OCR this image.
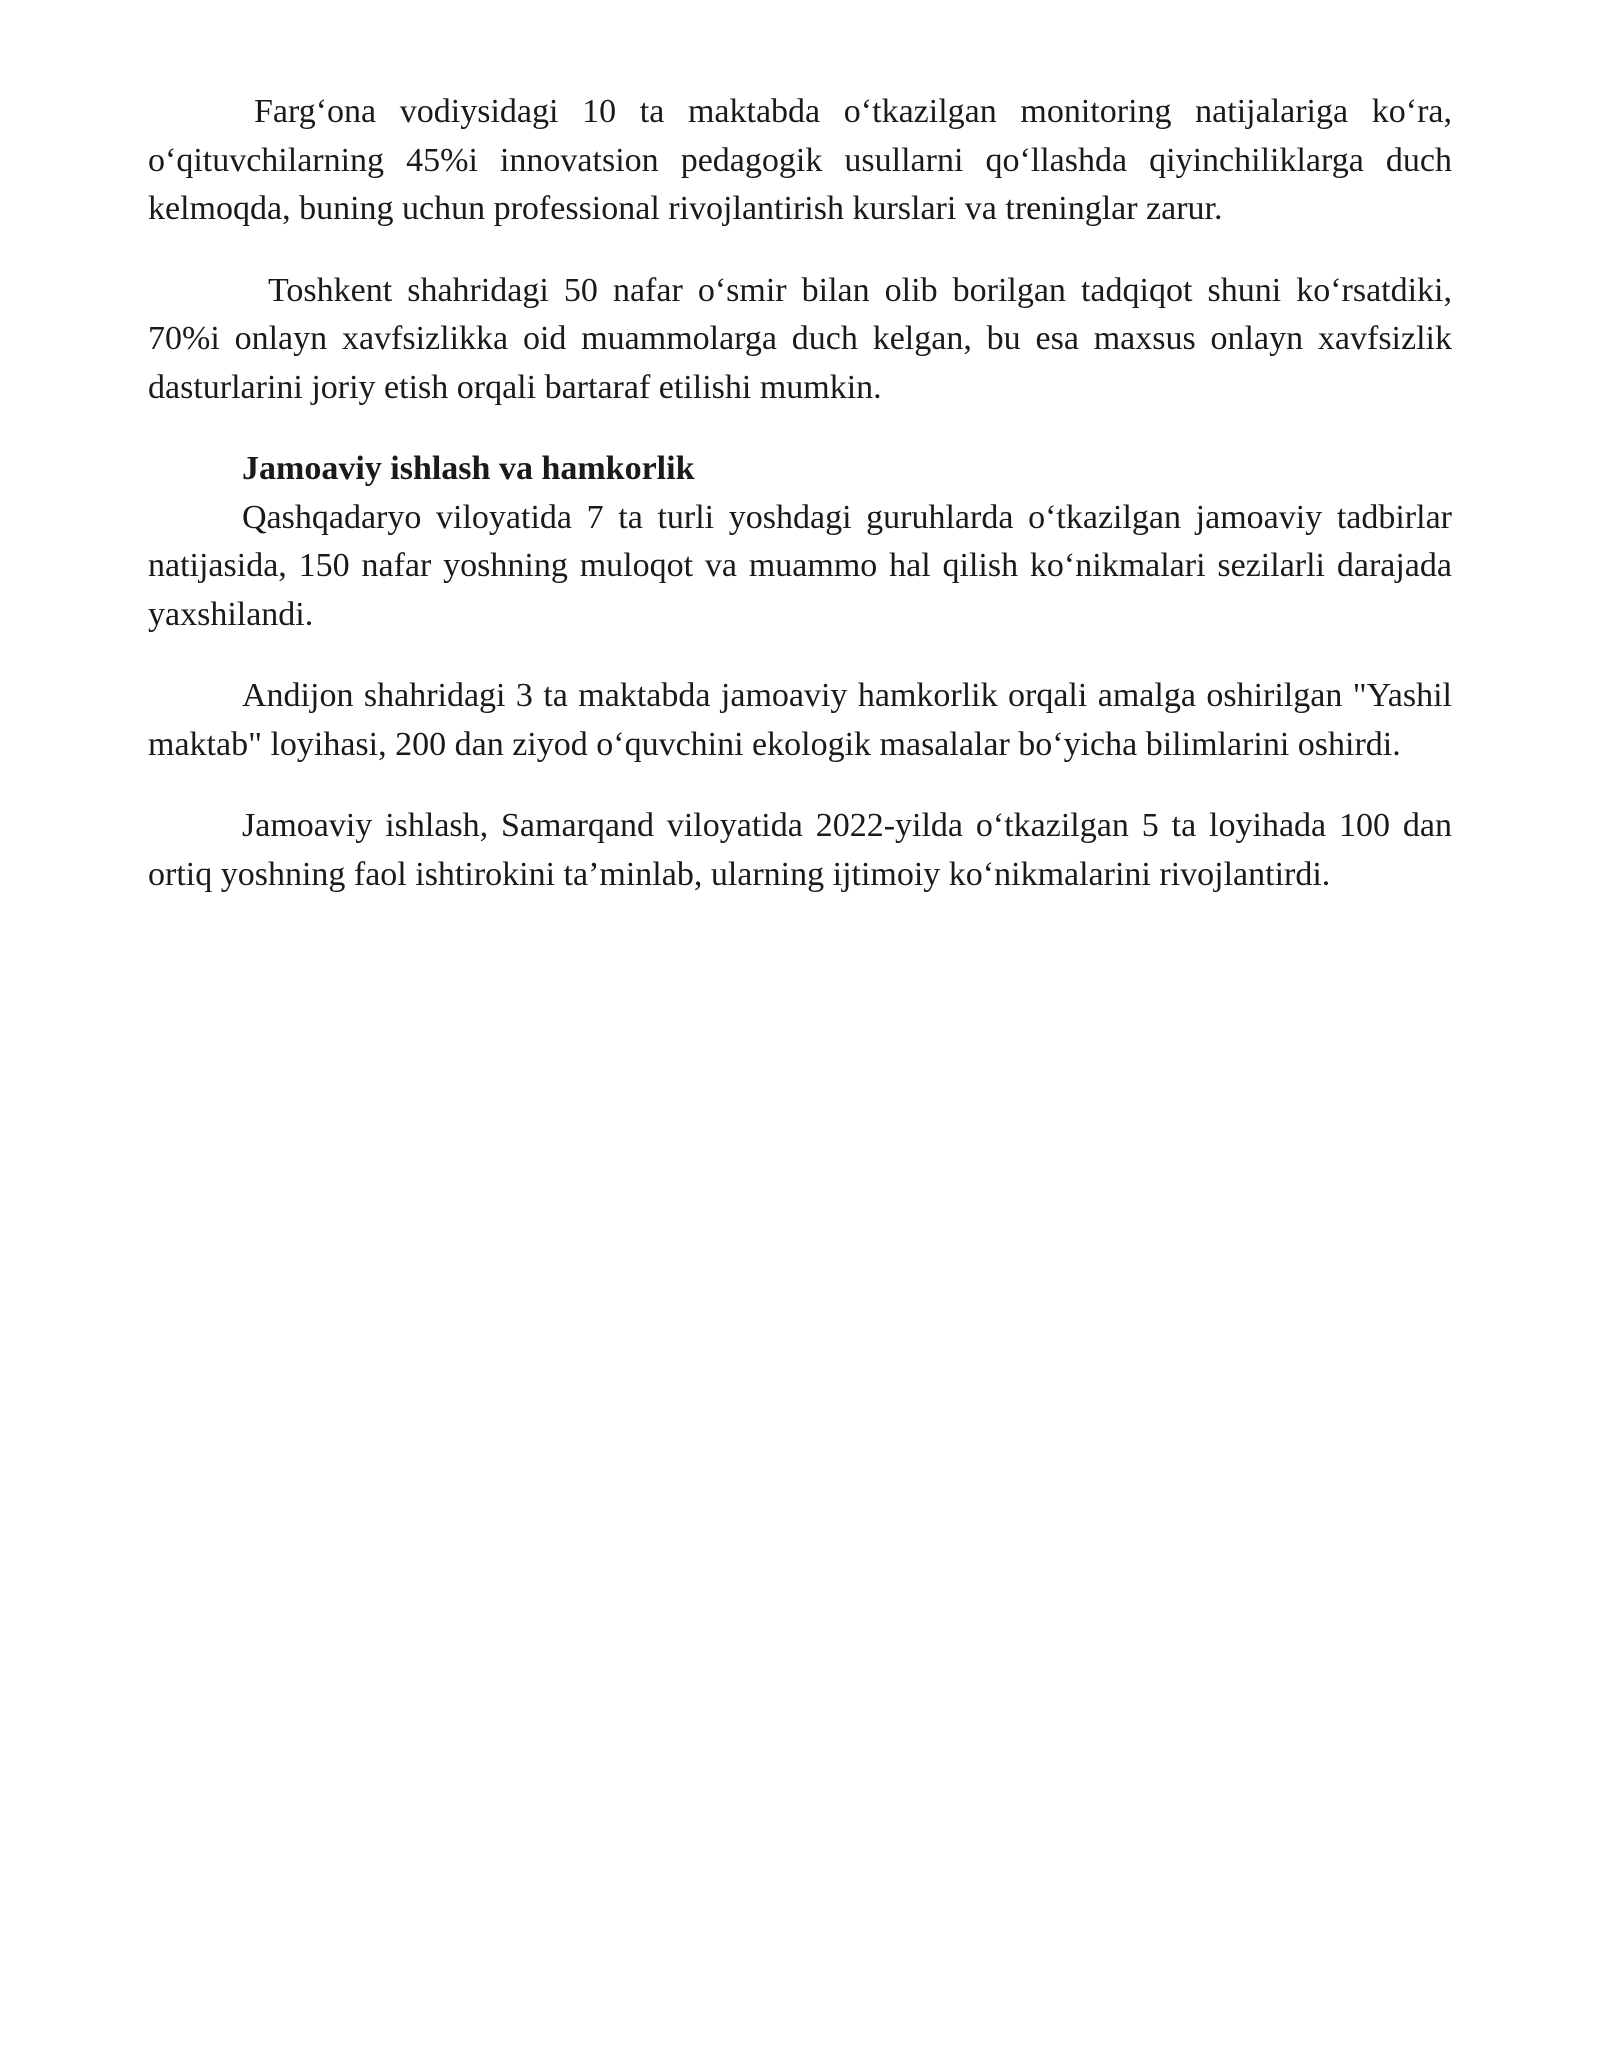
Farg‘ona vodiysidagi 10 ta maktabda o‘tkazilgan monitoring natijalariga ko‘ra, o‘qituvchilarning 45%i innovatsion pedagogik usullarni qo‘llashda qiyinchiliklarga duch kelmoqda, buning uchun professional rivojlantirish kurslari va treninglar zarur.

Toshkent shahridagi 50 nafar o‘smir bilan olib borilgan tadqiqot shuni ko‘rsatdiki, 70%i onlayn xavfsizlikka oid muammolarga duch kelgan, bu esa maxsus onlayn xavfsizlik dasturlarini joriy etish orqali bartaraf etilishi mumkin.

Jamoaviy ishlash va hamkorlik

Qashqadaryo viloyatida 7 ta turli yoshdagi guruhlarda o‘tkazilgan jamoaviy tadbirlar natijasida, 150 nafar yoshning muloqot va muammo hal qilish ko‘nikmalari sezilarli darajada yaxshilandi.

Andijon shahridagi 3 ta maktabda jamoaviy hamkorlik orqali amalga oshirilgan "Yashil maktab" loyihasi, 200 dan ziyod o‘quvchini ekologik masalalar bo‘yicha bilimlarini oshirdi.

Jamoaviy ishlash, Samarqand viloyatida 2022-yilda o‘tkazilgan 5 ta loyihada 100 dan ortiq yoshning faol ishtirokini ta’minlab, ularning ijtimoiy ko‘nikmalarini rivojlantirdi.
